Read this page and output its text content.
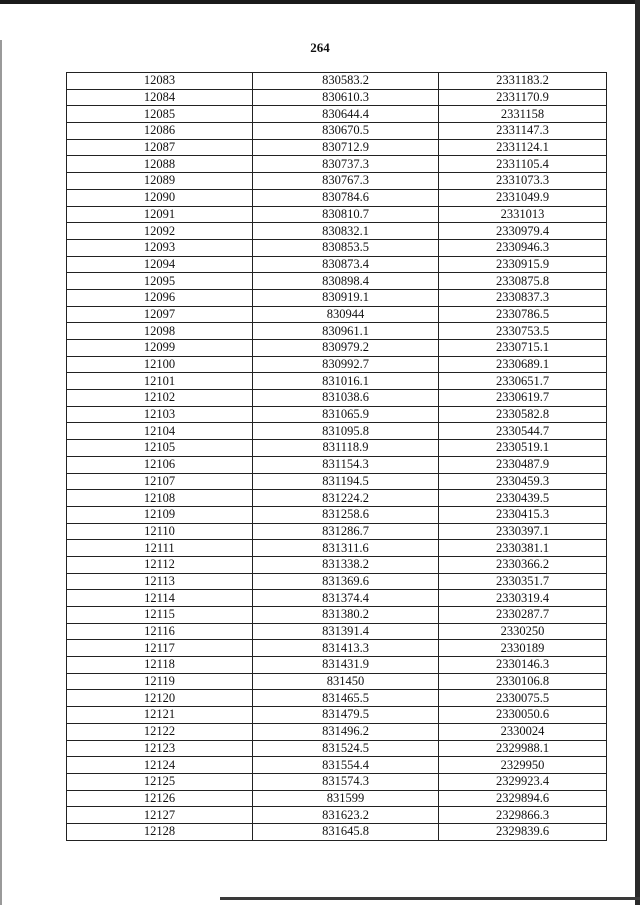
264
12083	830583.2	2331183.2
12084	830610.3	2331170.9
12085	830644.4	2331158
12086	830670.5	2331147.3
12087	830712.9	2331124.1
12088	830737.3	2331105.4
12089	830767.3	2331073.3
12090	830784.6	2331049.9
12091	830810.7	2331013
12092	830832.1	2330979.4
12093	830853.5	2330946.3
12094	830873.4	2330915.9
12095	830898.4	2330875.8
12096	830919.1	2330837.3
12097	830944	2330786.5
12098	830961.1	2330753.5
12099	830979.2	2330715.1
12100	830992.7	2330689.1
12101	831016.1	2330651.7
12102	831038.6	2330619.7
12103	831065.9	2330582.8
12104	831095.8	2330544.7
12105	831118.9	2330519.1
12106	831154.3	2330487.9
12107	831194.5	2330459.3
12108	831224.2	2330439.5
12109	831258.6	2330415.3
12110	831286.7	2330397.1
12111	831311.6	2330381.1
12112	831338.2	2330366.2
12113	831369.6	2330351.7
12114	831374.4	2330319.4
12115	831380.2	2330287.7
12116	831391.4	2330250
12117	831413.3	2330189
12118	831431.9	2330146.3
12119	831450	2330106.8
12120	831465.5	2330075.5
12121	831479.5	2330050.6
12122	831496.2	2330024
12123	831524.5	2329988.1
12124	831554.4	2329950
12125	831574.3	2329923.4
12126	831599	2329894.6
12127	831623.2	2329866.3
12128	831645.8	2329839.6
